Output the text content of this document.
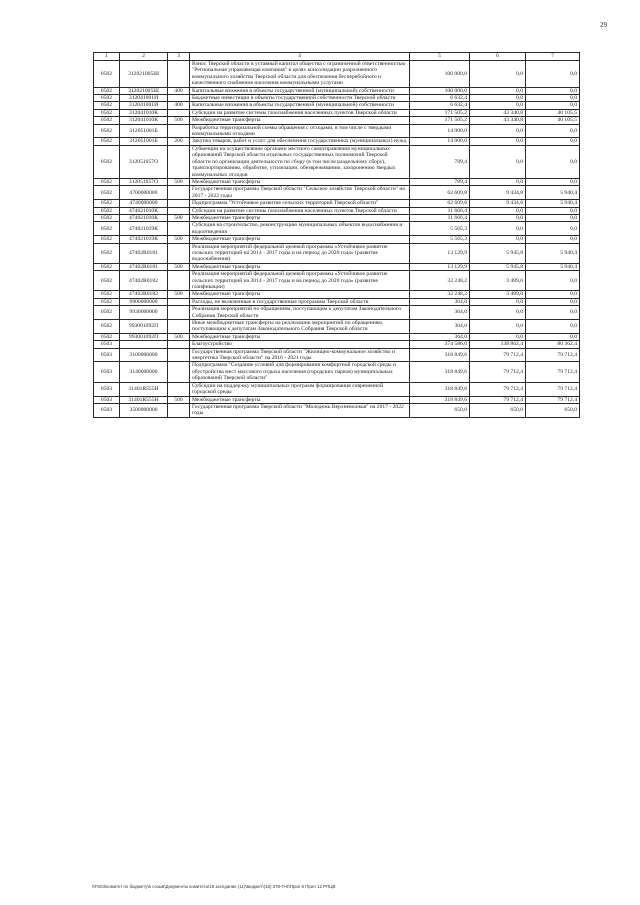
29
1	2	3	4	5	6	7
0502	312021005Ш		Взнос Тверской области в уставный капитал общества с ограниченной ответственностью "Региональная управляющая компания" в целях консолидации разрозненного коммунального хозяйства Тверской области для обеспечения бесперебойного и качественного снабжения населения коммунальными услугами	100 000,0	0,0	0,0
0502	312021005Ш	400	Капитальные вложения в объекты государственной (муниципальной) собственности	100 000,0	0,0	0,0
0502	312041001И		Бюджетные инвестиции в объекты государственной собственности Тверской области	6 632,4	0,0	0,0
0502	312041001И	400	Капитальные вложения в объекты государственной (муниципальной) собственности	6 632,4	0,0	0,0
0502	312041010К		Субсидии на развитие системы газоснабжения населенных пунктов Тверской области	171 505,2	43 340,8	40 105,5
0502	312041010К	500	Межбюджетные трансферты	171 505,2	43 340,8	40 105,5
0502	312051001Б		Разработка территориальной схемы обращения с отходами, в том числе с твердыми коммунальными отходами	14 000,0	0,0	0,0
0502	312051001Б	200	Закупка товаров, работ и услуг для обеспечения государственных (муниципальных) нужд	14 000,0	0,0	0,0
0502	312051057О		Субвенции на осуществление органами местного самоуправления муниципальных образований Тверской области отдельных государственных полномочий Тверской области по организации деятельности по сбору (в том числе раздельному сбору), транспортированию, обработке, утилизации, обезвреживанию, захоронению твердых коммунальных отходов	789,4	0,0	0,0
0502	312051057О	500	Межбюджетные трансферты	789,4	0,0	0,0
0502	4700000000		Государственная программа Тверской области "Сельское хозяйство Тверской области" на 2017 - 2022 годы	62 609,8	9 434,8	5 940,4
0502	4740000000		Подпрограмма "Устойчивое развитие сельских территорий Тверской области"	62 609,8	9 434,8	5 940,4
0502	474021010К		Субсидии на развитие системы газоснабжения населенных пунктов Тверской области	11 666,4	0,0	0,0
0502	474021010К	500	Межбюджетные трансферты	11 666,4	0,0	0,0
0502	474021019К		Субсидия на строительство, реконструкцию муниципальных объектов водоснабжения и водоотведения	5 565,3	0,0	0,0
0502	474021019К	500	Межбюджетные трансферты	5 565,3	0,0	0,0
0502	47402R0181		Реализация мероприятий федеральной целевой программы «Устойчивое развитие сельских территорий на 2014 - 2017 годы и на период до 2020 года» (развитие водоснабжения)	13 129,9	5 945,8	5 940,4
0502	47402R0181	500	Межбюджетные трансферты	13 129,9	5 945,8	5 940,4
0502	47402R0182		Реализация мероприятий федеральной целевой программы «Устойчивое развитие сельских территорий на 2014 - 2017 годы и на период до 2020 года» (развитие газификации)	32 248,2	3 489,0	0,0
0502	47402R0182	500	Межбюджетные трансферты	32 248,2	3 489,0	0,0
0502	9900000000		Расходы, не включенные в государственные программы Тверской области	364,0	0,0	0,0
0502	9930000000		Реализация мероприятий по обращениям, поступающим к депутатам Законодательного Собрания Тверской области	364,0	0,0	0,0
0502	993001092П		Иные межбюджетные трансферты на реализацию мероприятий по обращениям, поступающим к депутатам Законодательного Собрания Тверской области	364,0	0,0	0,0
0502	993001092П	500	Межбюджетные трансферты	364,0	0,0	0,0
0503			Благоустройство	374 586,0	138 862,4	80 362,4
0503	3100000000		Государственная программа Тверской области "Жилищно-коммунальное хозяйство и энергетика Тверской области" на 2016 - 2021 годы	318 849,6	79 712,4	79 712,4
0503	3140000000		Подпрограмма "Создание условий для формирования комфортной городской среды и обустройства мест массового отдыха населения (городских парков) муниципальных образований Тверской области"	318 849,6	79 712,4	79 712,4
0503	31401R555Н		Субсидии на поддержку муниципальных программ формирования современной городской среды	318 849,6	79 712,4	79 712,4
0503	31401R555Н	500	Межбюджетные трансферты	318 849,6	79 712,4	79 712,4
0503	3500000000		Государственная программа Тверской области "Молодежь Верхневолжья" на 2017 - 2022 годы	650,0	650,0	650,0
\\FS03\комитет по бюджету\6 созыв\Документы комитета\18 заседание (11)\Бюджет\(18) 378-П-6\Прил 8 Прил 12 РПЦВ
